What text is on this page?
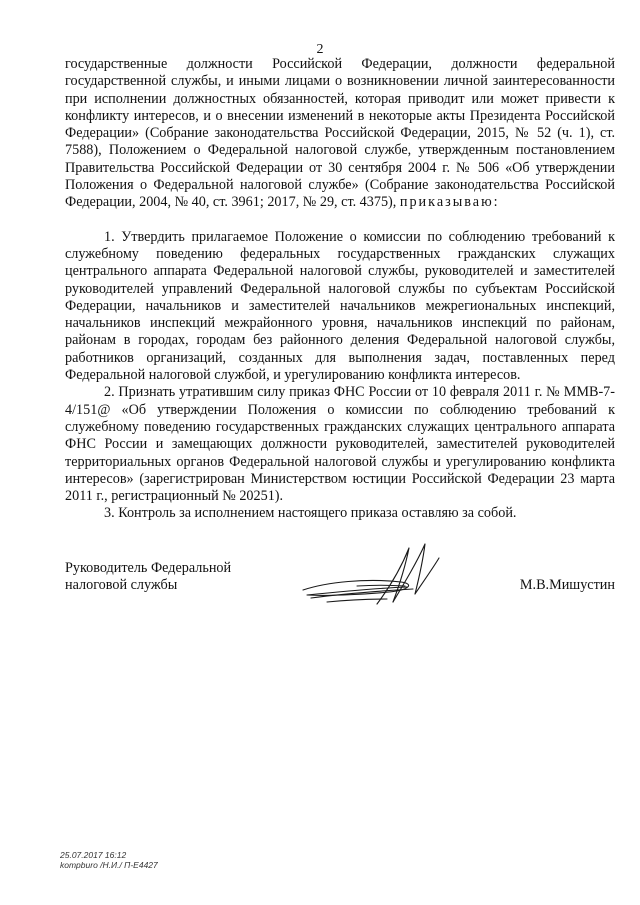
2

государственные должности Российской Федерации, должности федеральной государственной службы, и иными лицами о возникновении личной заинтересованности при исполнении должностных обязанностей, которая приводит или может привести к конфликту интересов, и о внесении изменений в некоторые акты Президента Российской Федерации» (Собрание законодательства Российской Федерации, 2015, № 52 (ч. 1), ст. 7588), Положением о Федеральной налоговой службе, утвержденным постановлением Правительства Российской Федерации от 30 сентября 2004 г. № 506 «Об утверждении Положения о Федеральной налоговой службе» (Собрание законодательства Российской Федерации, 2004, № 40, ст. 3961; 2017, № 29, ст. 4375), приказываю:

1. Утвердить прилагаемое Положение о комиссии по соблюдению требований к служебному поведению федеральных государственных гражданских служащих центрального аппарата Федеральной налоговой службы, руководителей и заместителей руководителей управлений Федеральной налоговой службы по субъектам Российской Федерации, начальников и заместителей начальников межрегиональных инспекций, начальников инспекций межрайонного уровня, начальников инспекций по районам, районам в городах, городам без районного деления Федеральной налоговой службы, работников организаций, созданных для выполнения задач, поставленных перед Федеральной налоговой службой, и урегулированию конфликта интересов.

2. Признать утратившим силу приказ ФНС России от 10 февраля 2011 г. № ММВ-7-4/151@ «Об утверждении Положения о комиссии по соблюдению требований к служебному поведению государственных гражданских служащих центрального аппарата ФНС России и замещающих должности руководителей, заместителей руководителей территориальных органов Федеральной налоговой службы и урегулированию конфликта интересов» (зарегистрирован Министерством юстиции Российской Федерации 23 марта 2011 г., регистрационный № 20251).

3. Контроль за исполнением настоящего приказа оставляю за собой.

Руководитель Федеральной
налоговой службы	М.В.Мишустин
25.07.2017 16:12
kompburo /Н.И./ П-Е4427
